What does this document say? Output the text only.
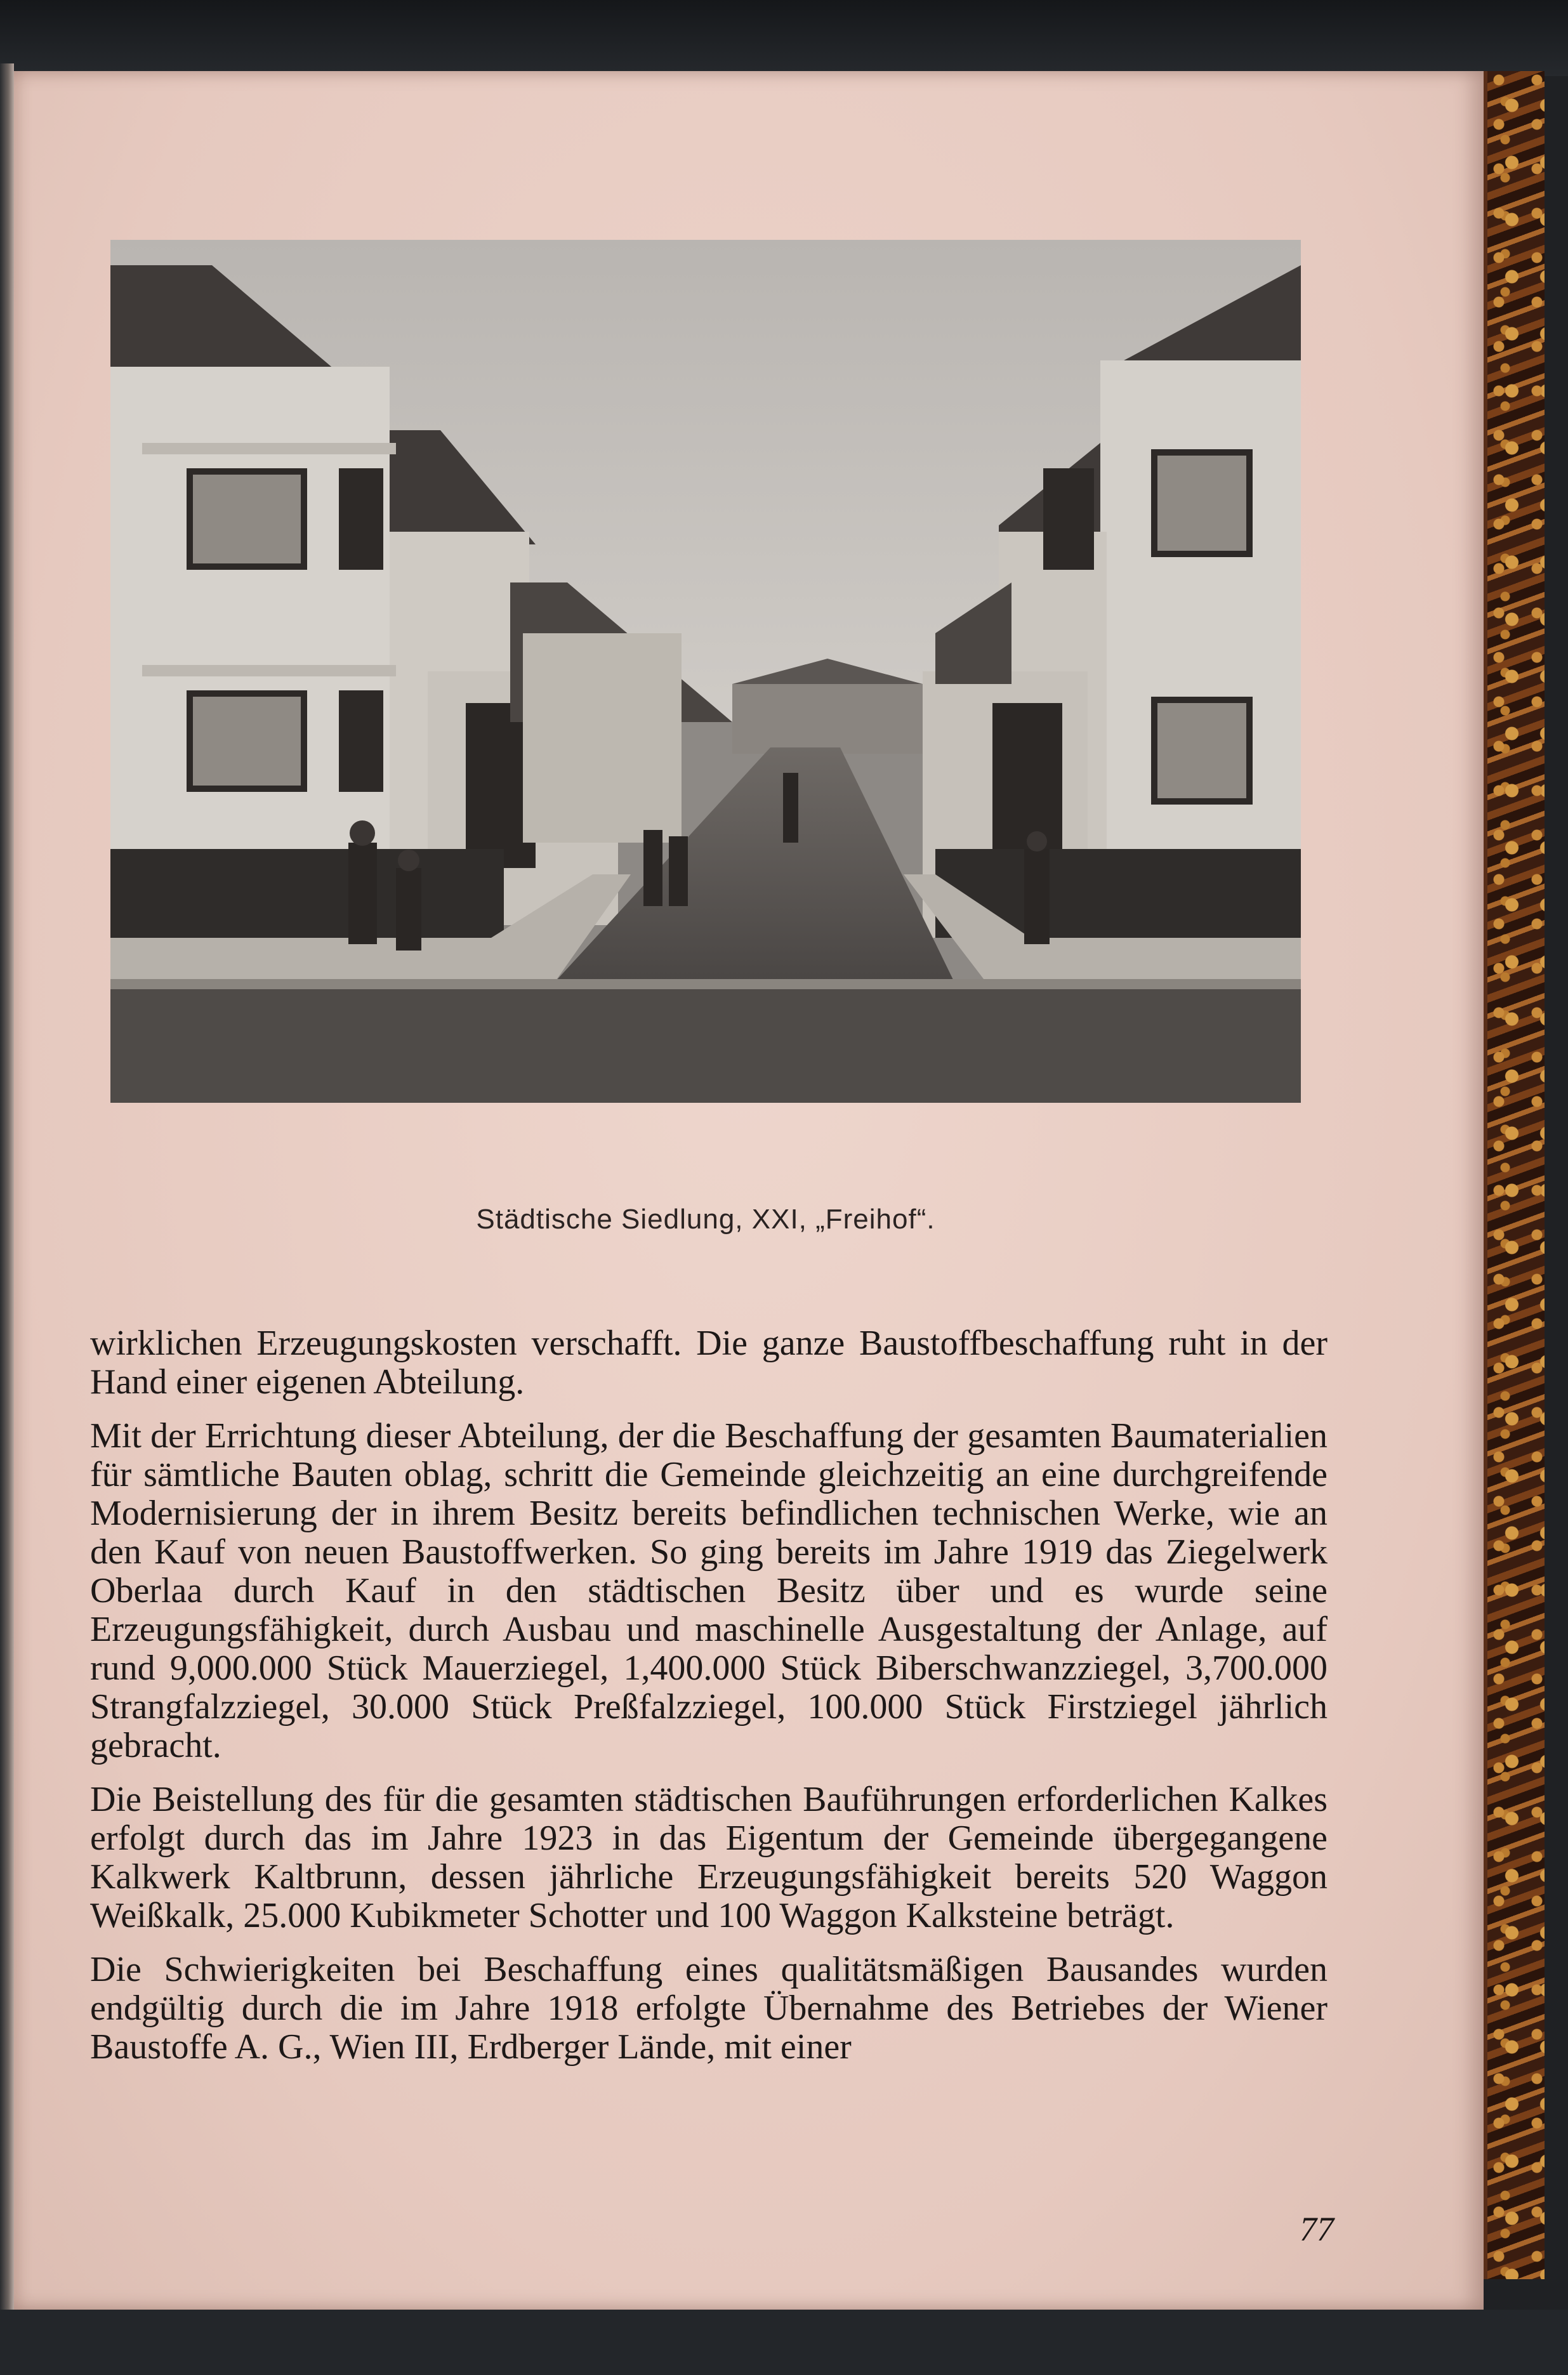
Städtische Siedlung, XXI, „Freihof“.

wirklichen Erzeugungskosten verschafft. Die ganze Baustoffbeschaffung ruht in der Hand einer eigenen Abteilung.

Mit der Errichtung dieser Abteilung, der die Beschaffung der gesamten Baumaterialien für sämtliche Bauten oblag, schritt die Gemeinde gleichzeitig an eine durchgreifende Modernisierung der in ihrem Besitz bereits befindlichen technischen Werke, wie an den Kauf von neuen Baustoffwerken. So ging bereits im Jahre 1919 das Ziegelwerk Oberlaa durch Kauf in den städtischen Besitz über und es wurde seine Erzeugungsfähigkeit, durch Ausbau und maschinelle Ausgestaltung der Anlage, auf rund 9,000.000 Stück Mauerziegel, 1,400.000 Stück Biberschwanzziegel, 3,700.000 Strangfalzziegel, 30.000 Stück Preßfalzziegel, 100.000 Stück Firstziegel jährlich gebracht.

Die Beistellung des für die gesamten städtischen Bauführungen erforderlichen Kalkes erfolgt durch das im Jahre 1923 in das Eigentum der Gemeinde übergegangene Kalkwerk Kaltbrunn, dessen jährliche Erzeugungsfähigkeit bereits 520 Waggon Weißkalk, 25.000 Kubikmeter Schotter und 100 Waggon Kalksteine beträgt.

Die Schwierigkeiten bei Beschaffung eines qualitätsmäßigen Bausandes wurden endgültig durch die im Jahre 1918 erfolgte Übernahme des Betriebes der Wiener Baustoffe A. G., Wien III, Erdberger Lände, mit einer

77
